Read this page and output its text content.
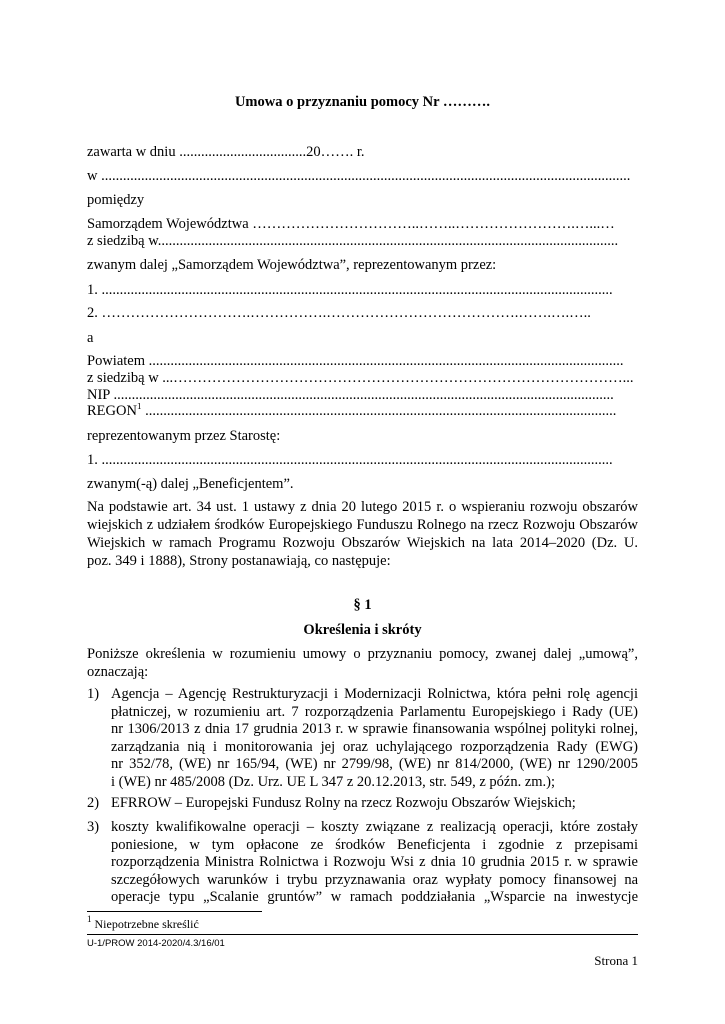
Umowa o przyznaniu pomocy Nr ……….
zawarta w dniu ...................................20……. r.
w ..................................................................................................................................................
pomiędzy
Samorządem Województwa ……………………………..……..…………………….…...…
z siedzibą w...............................................................................................................................
zwanym dalej „Samorządem Województwa”, reprezentowanym przez:
1. .............................................................................................................................................
2. ………………………….…………….………………………………….…….….…..
a
Powiatem ...................................................................................................................................
z siedzibą w ...…………………………………………………………………………………...
NIP ..........................................................................................................................................
REGON$^1$ ..................................................................................................................................
reprezentowanym przez Starostę:
1. .............................................................................................................................................
zwanym(-ą) dalej „Beneficjentem”.
Na podstawie art. 34 ust. 1 ustawy z dnia 20 lutego 2015 r. o wspieraniu rozwoju obszarów
wiejskich z udziałem środków Europejskiego Funduszu Rolnego na rzecz Rozwoju Obszarów
Wiejskich w ramach Programu Rozwoju Obszarów Wiejskich na lata 2014–2020 (Dz. U.
poz. 349 i 1888), Strony postanawiają, co następuje:
§ 1
Określenia i skróty
Poniższe określenia w rozumieniu umowy o przyznaniu pomocy, zwanej dalej „umową”,
oznaczają:
1) Agencja – Agencję Restrukturyzacji i Modernizacji Rolnictwa, która pełni rolę agencji
płatniczej, w rozumieniu art. 7 rozporządzenia Parlamentu Europejskiego i Rady (UE)
nr 1306/2013 z dnia 17 grudnia 2013 r. w sprawie finansowania wspólnej polityki rolnej,
zarządzania nią i monitorowania jej oraz uchylającego rozporządzenia Rady (EWG)
nr 352/78, (WE) nr 165/94, (WE) nr 2799/98, (WE) nr 814/2000, (WE) nr 1290/2005
i (WE) nr 485/2008 (Dz. Urz. UE L 347 z 20.12.2013, str. 549, z późn. zm.);
2) EFRROW – Europejski Fundusz Rolny na rzecz Rozwoju Obszarów Wiejskich;
3) koszty kwalifikowalne operacji – koszty związane z realizacją operacji, które zostały
poniesione, w tym opłacone ze środków Beneficjenta i zgodnie z przepisami
rozporządzenia Ministra Rolnictwa i Rozwoju Wsi z dnia 10 grudnia 2015 r. w sprawie
szczegółowych warunków i trybu przyznawania oraz wypłaty pomocy finansowej na
operacje typu „Scalanie gruntów” w ramach poddziałania „Wsparcie na inwestycje
$^1$ Niepotrzebne skreślić
U-1/PROW 2014-2020/4.3/16/01
Strona 1
